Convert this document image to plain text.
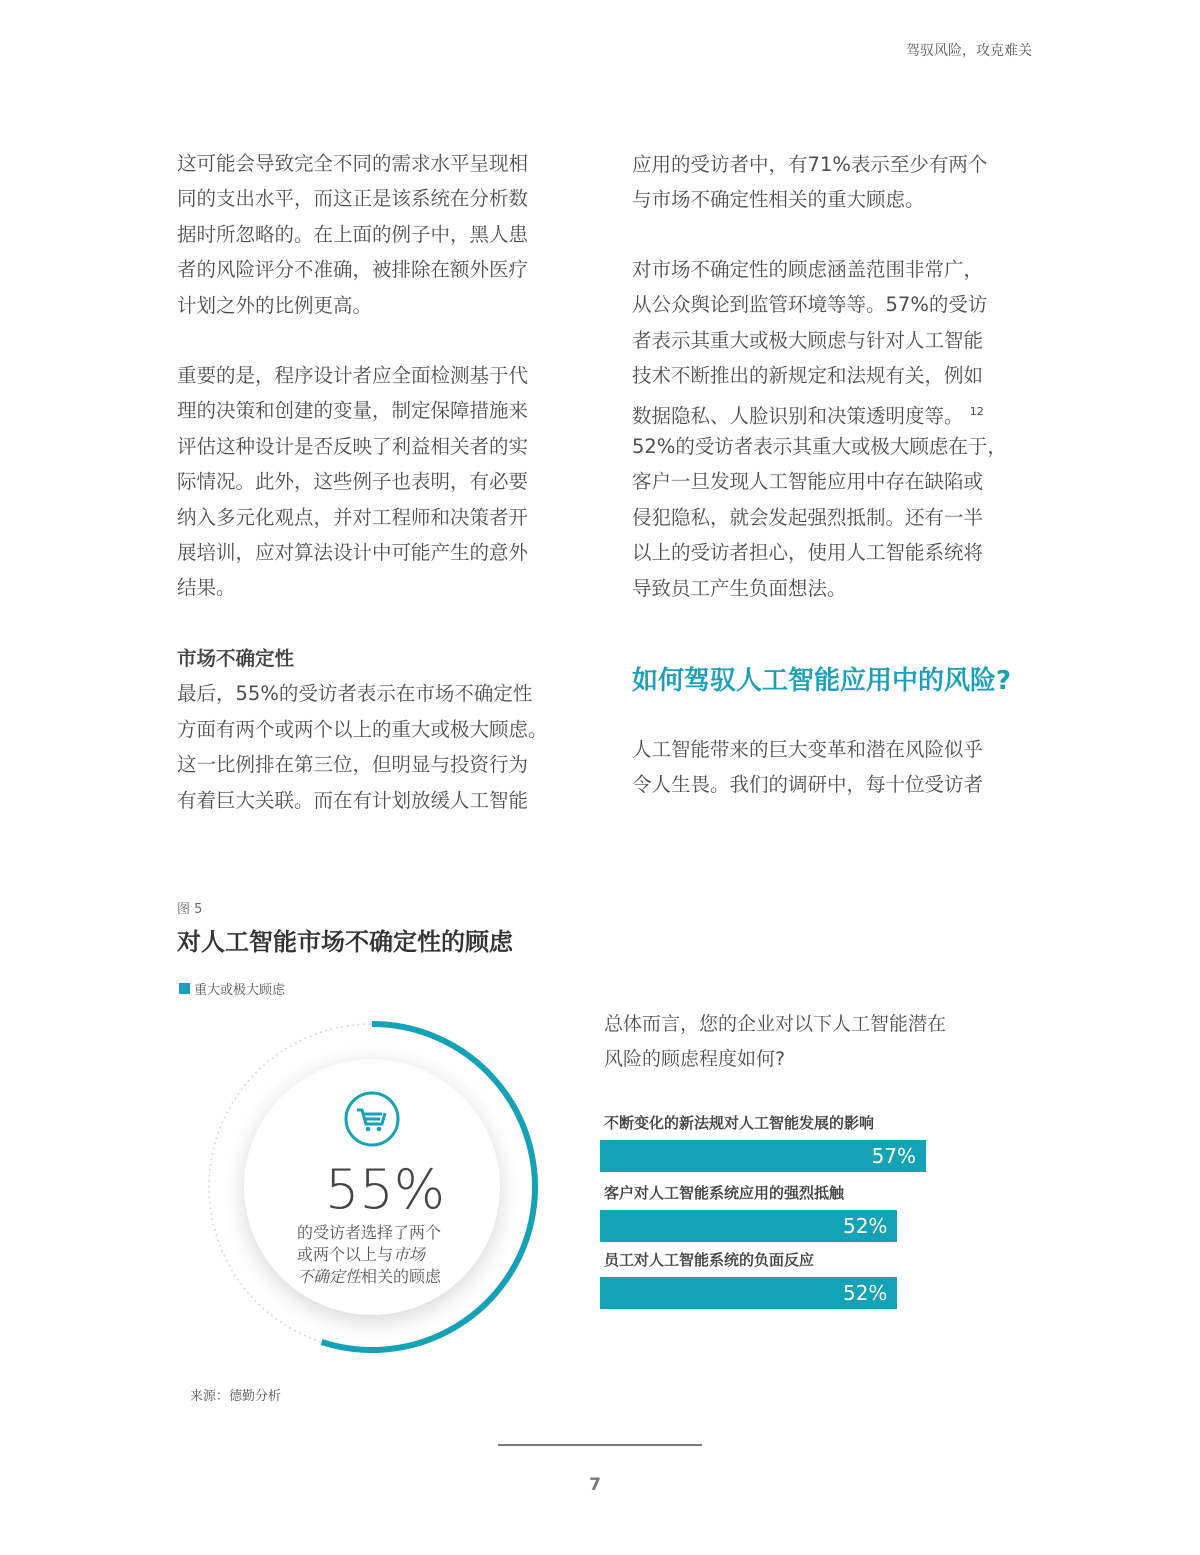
驾驭风险，攻克难关
这可能会导致完全不同的需求水平呈现相
同的支出水平，而这正是该系统在分析数
据时所忽略的。在上面的例子中，黑人患
者的风险评分不准确，被排除在额外医疗
计划之外的比例更高。
重要的是，程序设计者应全面检测基于代
理的决策和创建的变量，制定保障措施来
评估这种设计是否反映了利益相关者的实
际情况。此外，这些例子也表明，有必要
纳入多元化观点，并对工程师和决策者开
展培训，应对算法设计中可能产生的意外
结果。
市场不确定性
最后，55%的受访者表示在市场不确定性
方面有两个或两个以上的重大或极大顾虑。
这一比例排在第三位，但明显与投资行为
有着巨大关联。而在有计划放缓人工智能
应用的受访者中，有71%表示至少有两个
与市场不确定性相关的重大顾虑。
对市场不确定性的顾虑涵盖范围非常广，
从公众舆论到监管环境等等。57%的受访
者表示其重大或极大顾虑与针对人工智能
技术不断推出的新规定和法规有关，例如
数据隐私、人脸识别和决策透明度等。 $^{12}$
52%的受访者表示其重大或极大顾虑在于，
客户一旦发现人工智能应用中存在缺陷或
侵犯隐私，就会发起强烈抵制。还有一半
以上的受访者担心，使用人工智能系统将
导致员工产生负面想法。
如何驾驭人工智能应用中的风险?
人工智能带来的巨大变革和潜在风险似乎
令人生畏。我们的调研中，每十位受访者
图 5
对人工智能市场不确定性的顾虑
重大或极大顾虑
55%
的受访者选择了两个
或两个以上与市场
不确定性相关的顾虑
总体而言，您的企业对以下人工智能潜在
风险的顾虑程度如何?
不断变化的新法规对人工智能发展的影响
57%
客户对人工智能系统应用的强烈抵触
52%
员工对人工智能系统的负面反应
52%
来源：德勤分析
7
